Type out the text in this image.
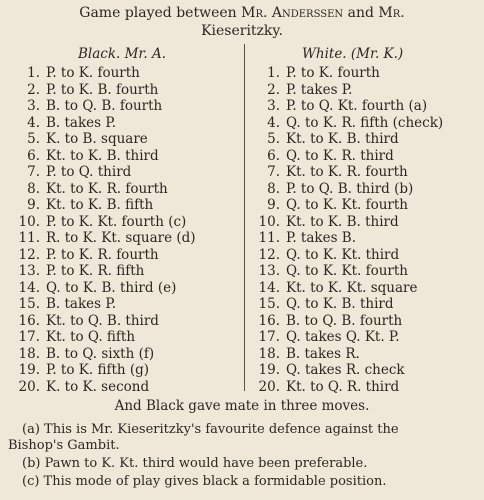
Game played between Mr. Anderssen and Mr.
Kieseritzky.
Black. Mr. A.	White. (Mr. K.)
1. P. to K. fourth
2. P. to K. B. fourth
3. B. to Q. B. fourth
4. B. takes P.
5. K. to B. square
6. Kt. to K. B. third
7. P. to Q. third
8. Kt. to K. R. fourth
9. Kt. to K. B. fifth
10. P. to K. Kt. fourth (c)
11. R. to K. Kt. square (d)
12. P. to K. R. fourth
13. P. to K. R. fifth
14. Q. to K. B. third (e)
15. B. takes P.
16. Kt. to Q. B. third
17. Kt. to Q. fifth
18. B. to Q. sixth (f)
19. P. to K. fifth (g)
20. K. to K. second
1. P. to K. fourth
2. P. takes P.
3. P. to Q. Kt. fourth (a)
4. Q. to K. R. fifth (check)
5. Kt. to K. B. third
6. Q. to K. R. third
7. Kt. to K. R. fourth
8. P. to Q. B. third (b)
9. Q. to K. Kt. fourth
10. Kt. to K. B. third
11. P. takes B.
12. Q. to K. Kt. third
13. Q. to K. Kt. fourth
14. Kt. to K. Kt. square
15. Q. to K. B. third
16. B. to Q. B. fourth
17. Q. takes Q. Kt. P.
18. B. takes R.
19. Q. takes R. check
20. Kt. to Q. R. third
And Black gave mate in three moves.
(a) This is Mr. Kieseritzky's favourite defence against the
Bishop's Gambit.
(b) Pawn to K. Kt. third would have been preferable.
(c) This mode of play gives black a formidable position.
